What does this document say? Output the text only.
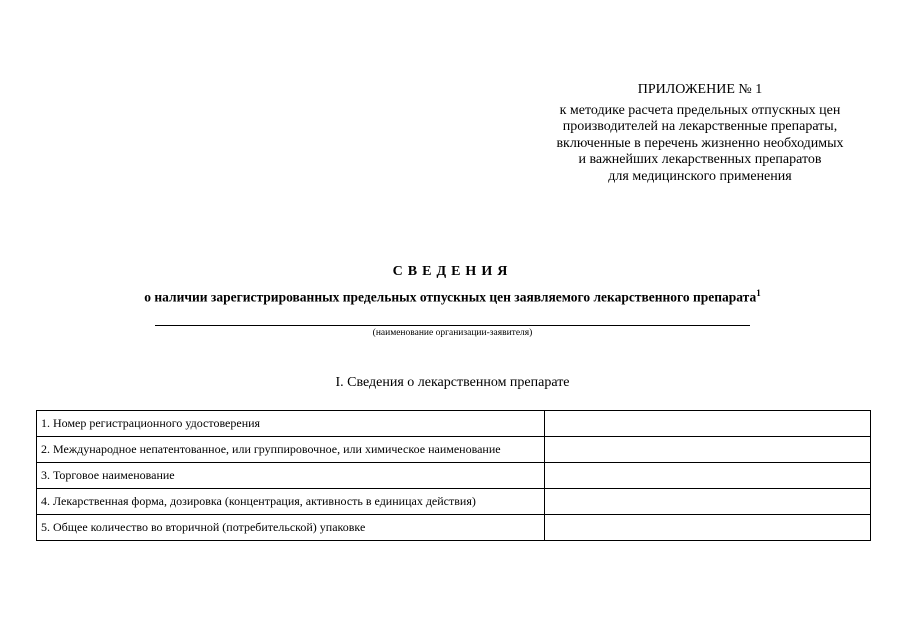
ПРИЛОЖЕНИЕ № 1
к методике расчета предельных отпускных цен
производителей на лекарственные препараты,
включенные в перечень жизненно необходимых
и важнейших лекарственных препаратов
для медицинского применения
СВЕДЕНИЯ
о наличии зарегистрированных предельных отпускных цен заявляемого лекарственного препарата$^1$
(наименование организации-заявителя)
I. Сведения о лекарственном препарате
1. Номер регистрационного удостоверения	
2. Международное непатентованное, или группировочное, или химическое наименование	
3. Торговое наименование	
4. Лекарственная форма, дозировка (концентрация, активность в единицах действия)	
5. Общее количество во вторичной (потребительской) упаковке	
